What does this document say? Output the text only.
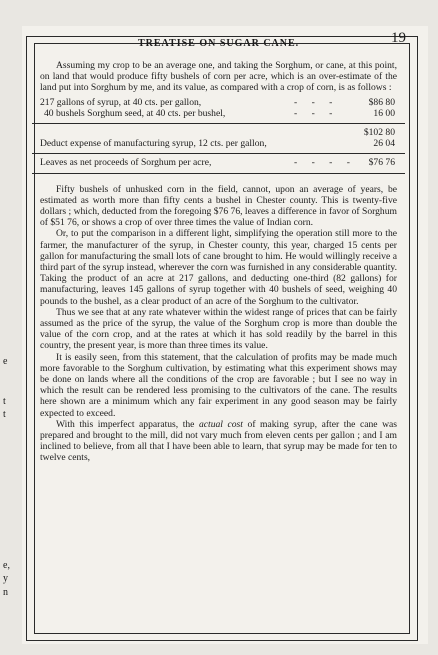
e
t
t
e,
y
n
TREATISE ON SUGAR CANE.	19

Assuming my crop to be an average one, and taking the Sorghum, or cane, at this point, on land that would produce fifty bushels of corn per acre, which is an over-estimate of the land put into Sorghum by me, and its value, as compared with a crop of corn, is as follows :

217 gallons of syrup, at 40 cts. per gallon,	- - -	$86 80
40 bushels Sorghum seed, at 40 cts. per bushel,	- - -	16 00
$102 80
Deduct expense of manufacturing syrup, 12 cts. per gallon,	26 04
Leaves as net proceeds of Sorghum per acre,	- - - -	$76 76

Fifty bushels of unhusked corn in the field, cannot, upon an average of years, be estimated as worth more than fifty cents a bushel in Chester county. This is twenty-five dollars ; which, deducted from the foregoing $76 76, leaves a difference in favor of Sorghum of $51 76, or shows a crop of over three times the value of Indian corn.

Or, to put the comparison in a different light, simplifying the operation still more to the farmer, the manufacturer of the syrup, in Chester county, this year, charged 15 cents per gallon for manufacturing the small lots of cane brought to him. He would willingly receive a third part of the syrup instead, wherever the corn was furnished in any considerable quantity. Taking the product of an acre at 217 gallons, and deducting one-third (82 gallons) for manufacturing, leaves 145 gallons of syrup together with 40 bushels of seed, weighing 40 pounds to the bushel, as a clear product of an acre of the Sorghum to the cultivator.

Thus we see that at any rate whatever within the widest range of prices that can be fairly assumed as the price of the syrup, the value of the Sorghum crop is more than double the value of the corn crop, and at the rates at which it has sold readily by the barrel in this country, the present year, is more than three times its value.

It is easily seen, from this statement, that the calculation of profits may be made much more favorable to the Sorghum cultivation, by estimating what this experiment shows may be done on lands where all the conditions of the crop are favorable ; but I see no way in which the result can be rendered less promising to the cultivators of the cane. The results here shown are a minimum which any fair experiment in any good season may be fairly expected to exceed.

With this imperfect apparatus, the actual cost of making syrup, after the cane was prepared and brought to the mill, did not vary much from eleven cents per gallon ; and I am inclined to believe, from all that I have been able to learn, that syrup may be made for ten to twelve cents,
